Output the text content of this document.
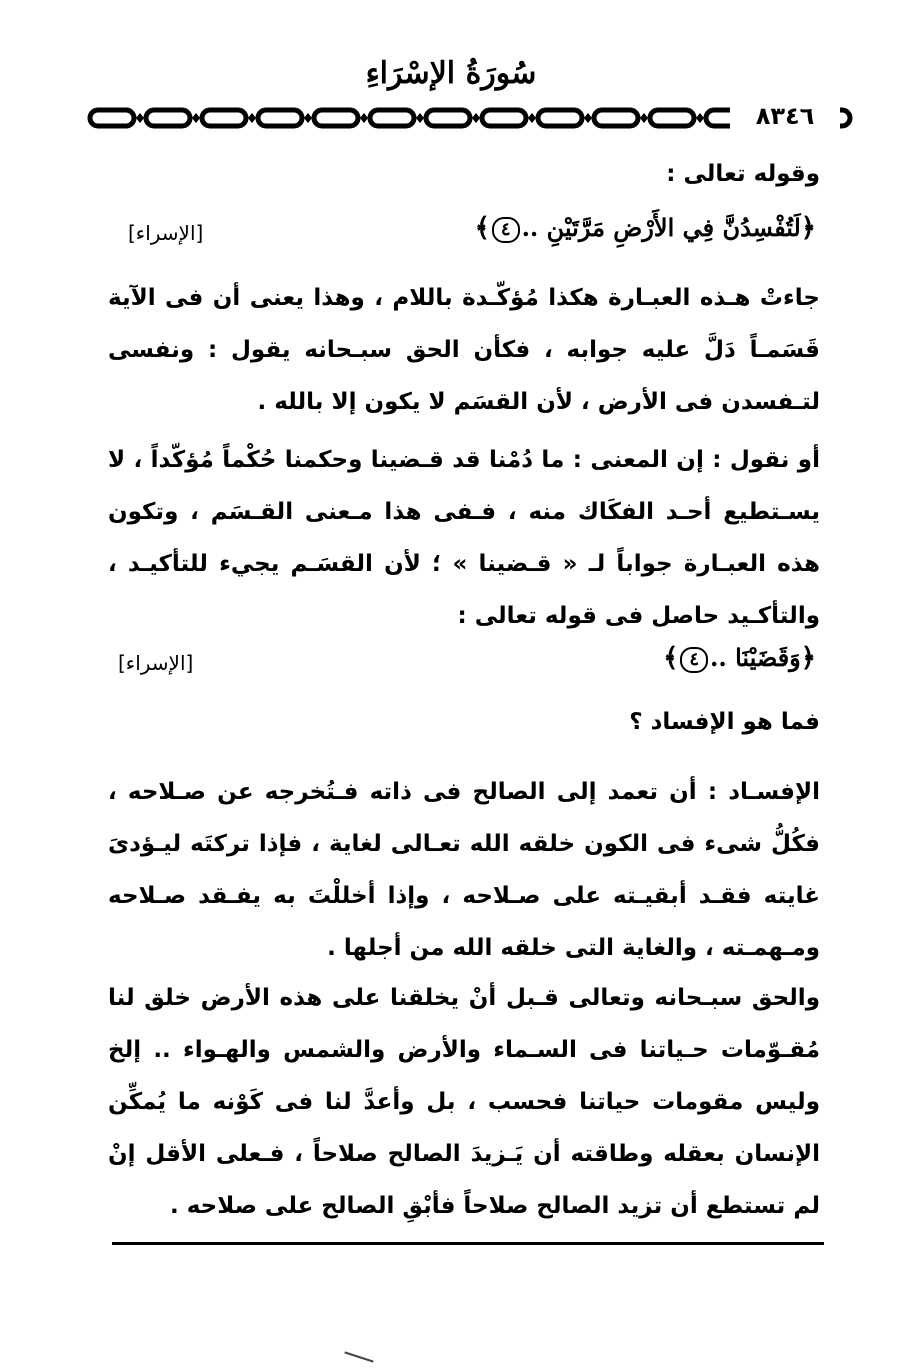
سُورَةُ الإسْرَاءِ
٨٣٤٦
وقوله تعالى :
﴿لَتُفْسِدُنَّ فِي الأَرْضِ مَرَّتَيْنِ ..٤﴾
[الإسراء]
جاءتْ هـذه العبـارة هكذا مُؤكّـدة باللام ، وهذا يعنى أن فى الآية قَسَمـاً دَلَّ عليه جوابه ، فكأن الحق سبـحانه يقول : ونفسى لتـفسدن فى الأرض ، لأن القسَم لا يكون إلا بالله .
أو نقول : إن المعنى : ما دُمْنا قد قـضينا وحكمنا حُكْماً مُؤكّداً ، لا يسـتطيع أحـد الفكَاك منه ، فـفى هذا مـعنى القـسَم ، وتكون هذه العبـارة جواباً لـ « قـضينا » ؛ لأن القسَـم يجيء للتأكيـد ، والتأكـيد حاصل فى قوله تعالى :
﴿وَقَضَيْنَا ..٤﴾
[الإسراء]
فما هو الإفساد ؟
الإفسـاد : أن تعمد إلى الصالح فى ذاته فـتُخرجه عن صـلاحه ، فكُلُّ شىء فى الكون خلقه الله تعـالى لغاية ، فإذا تركتَه ليـؤدىَ غايته فقـد أبقيـته على صـلاحه ، وإذا أخللْتَ به يفـقد صـلاحه ومـهمـته ، والغاية التى خلقه الله من أجلها .
والحق سبـحانه وتعالى قـبل أنْ يخلقنا على هذه الأرض خلق لنا مُقـوّمات حـياتنا فى السـماء والأرض والشمس والهـواء .. إلخ وليس مقومات حياتنا فحسب ، بل وأعدَّ لنا فى كَوْنه ما يُمكِّن الإنسان بعقله وطاقته أن يَـزيدَ الصالح صلاحاً ، فـعلى الأقل إنْ لم تستطع أن تزيد الصالح صلاحاً فأبْقِ الصالح على صلاحه .
